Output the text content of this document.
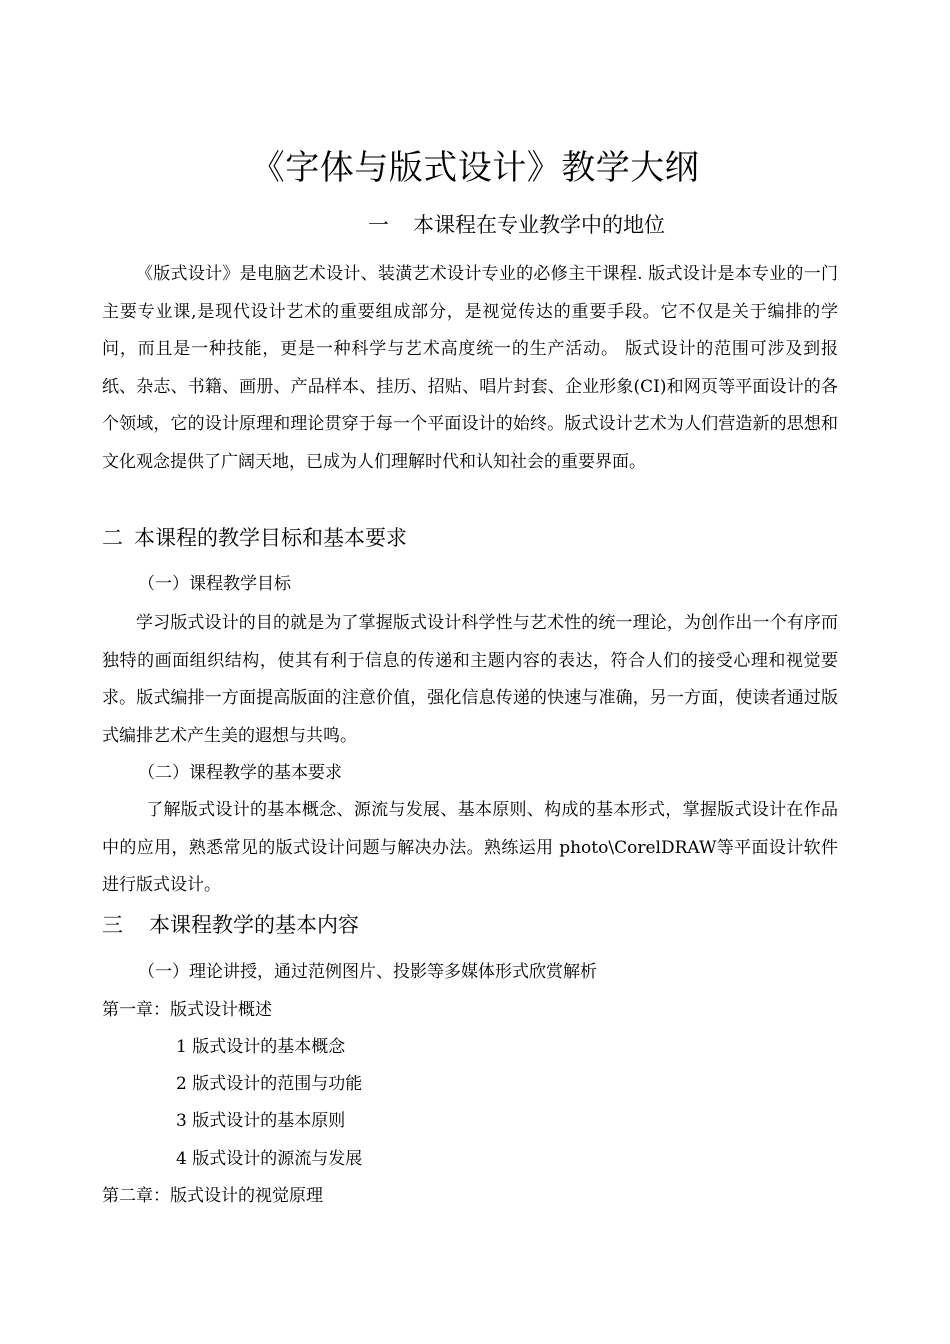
《字体与版式设计》教学大纲
一 本课程在专业教学中的地位

《版式设计》是电脑艺术设计、装潢艺术设计专业的必修主干课程. 版式设计是本专业的一门主要专业课,是现代设计艺术的重要组成部分，是视觉传达的重要手段。它不仅是关于编排的学问，而且是一种技能，更是一种科学与艺术高度统一的生产活动。 版式设计的范围可涉及到报纸、杂志、书籍、画册、产品样本、挂历、招贴、唱片封套、企业形象(CI)和网页等平面设计的各个领域，它的设计原理和理论贯穿于每一个平面设计的始终。版式设计艺术为人们营造新的思想和文化观念提供了广阔天地，已成为人们理解时代和认知社会的重要界面。

二 本课程的教学目标和基本要求
（一）课程教学目标

学习版式设计的目的就是为了掌握版式设计科学性与艺术性的统一理论，为创作出一个有序而独特的画面组织结构，使其有利于信息的传递和主题内容的表达，符合人们的接受心理和视觉要求。版式编排一方面提高版面的注意价值，强化信息传递的快速与准确，另一方面，使读者通过版式编排艺术产生美的遐想与共鸣。

（二）课程教学的基本要求

了解版式设计的基本概念、源流与发展、基本原则、构成的基本形式，掌握版式设计在作品中的应用，熟悉常见的版式设计问题与解决办法。熟练运用 photo\CorelDRAW等平面设计软件进行版式设计。

三 本课程教学的基本内容
（一）理论讲授，通过范例图片、投影等多媒体形式欣赏解析
第一章：版式设计概述
1 版式设计的基本概念
2 版式设计的范围与功能
3 版式设计的基本原则
4 版式设计的源流与发展
第二章：版式设计的视觉原理
